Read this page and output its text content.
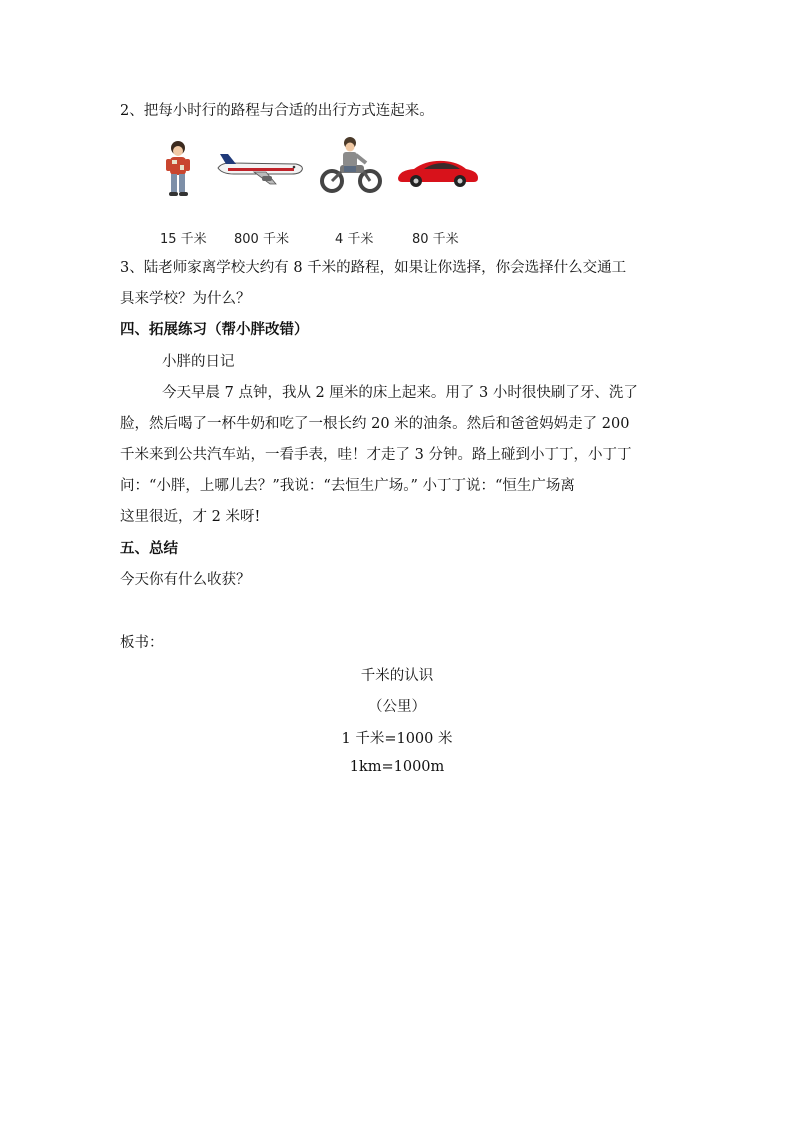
2、把每小时行的路程与合适的出行方式连起来。
15 千米 800 千米	4 千米	80 千米
3、陆老师家离学校大约有 8 千米的路程，如果让你选择，你会选择什么交通工
具来学校？为什么？
四、拓展练习（帮小胖改错）
小胖的日记
今天早晨 7 点钟，我从 2 厘米的床上起来。用了 3 小时很快刷了牙、洗了
脸，然后喝了一杯牛奶和吃了一根长约 20 米的油条。然后和爸爸妈妈走了 200
千米来到公共汽车站，一看手表，哇！才走了 3 分钟。路上碰到小丁丁，小丁丁
问：“小胖，上哪儿去？”我说：“去恒生广场。” 小丁丁说：“恒生广场离
这里很近，才 2 米呀!
五、总结
今天你有什么收获？
板书：
千米的认识
（公里）
1 千米=1000 米
1km=1000m
